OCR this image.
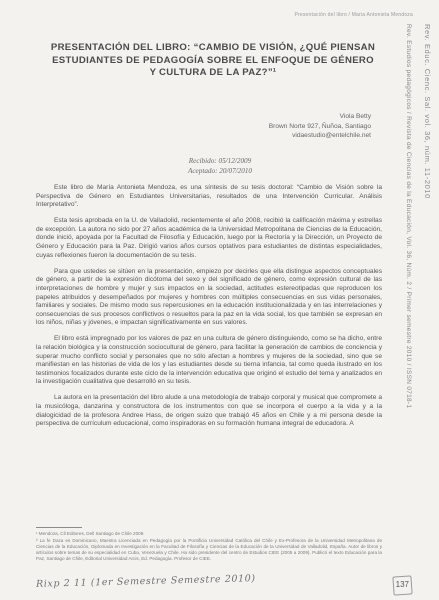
Presentación del libro / Maria Antonieta Mendoza
Rev. Estudios pedagógicos / Revista de Ciencias de la Educación, Vol. 36, Núm. 2 / Primer semestre 2010 / ISSN 0718-1 Rev. Educ. Cienc. Sal. vol. 36, núm. 11-2010
PRESENTACIÓN DEL LIBRO: “CAMBIO DE VISIÓN, ¿QUÉ PIENSAN ESTUDIANTES DE PEDAGOGÍA SOBRE EL ENFOQUE DE GÉNERO Y CULTURA DE LA PAZ?”¹
Viola Betty
Brown Norte 927, Ñuñoa, Santiago
vidaestudio@entelchile.net
Recibido: 05/12/2009
Aceptado: 20/07/2010

Este libro de María Antonieta Mendoza, es una síntesis de su tesis doctoral: “Cambio de Visión sobre la Perspectiva de Género en Estudiantes Universitarias, resultados de una Intervención Curricular. Análisis Interpretativo”.

Esta tesis aprobada en la U. de Valladolid, recientemente el año 2008, recibió la calificación máxima y estrellas de excepción. La autora no sido por 27 años académica de la Universidad Metropolitana de Ciencias de la Educación, donde inició, apoyada por la Facultad de Filosofía y Educación, luego por la Rectoría y la Dirección, un Proyecto de Género y Educación para la Paz. Dirigió varios años cursos optativos para estudiantes de distintas especialidades, cuyas reflexiones fueron la documentación de su tesis.

Para que ustedes se sitúen en la presentación, empiezo por decirles que ella distingue aspectos conceptuales de género, a partir de la expresión dicótoma del sexo y del significado de género, como expresión cultural de las interpretaciones de hombre y mujer y sus impactos en la sociedad, actitudes estereotipadas que reproducen los papeles atribuidos y desempeñados por mujeres y hombres con múltiples consecuencias en sus vidas personales, familiares y sociales. De mismo modo sus repercusiones en la educación institucionalizada y en las interrelaciones y consecuencias de sus procesos conflictivos o resueltos para la paz en la vida social, los que también se expresan en los niños, niñas y jóvenes, e impactan significativamente en sus valores.

El libro está impregnado por los valores de paz en una cultura de género distinguiendo, como se ha dicho, entre la relación biológica y la construcción sociocultural de género, para facilitar la generación de cambios de conciencia y superar mucho conflicto social y personales que no sólo afectan a hombres y mujeres de la sociedad, sino que se manifiestan en las historias de vida de los y las estudiantes desde su tierna infancia, tal como queda ilustrado en los testimonios focalizados durante este ciclo de la intervención educativa que originó el estudio del tema y analizados en la investigación cualitativa que desarrolló en su tesis.

La autora en la presentación del libro alude a una metodología de trabajo corporal y musical que compromete a la musicóloga, danzarina y constructora de los instrumentos con que se incorpora el cuerpo a la vida y a la dialogicidad de la profesora Andree Hass, de origen suizo que trabajó 45 años en Chile y a mi persona desde la perspectiva de currículum educacional, como inspiradoras en su formación humana integral de educadora. A

¹ Mendoza, Cll Editores, Dell Santiago de Chile 2009.
² La fe Daza es Dominicano, Maestra Licenciada en Pedagogía por la Pontificia Universidad Católica del Chile y Ex-Profesora de la Universidad Metropolitana de Ciencias de la Educación, Diplomada en Investigación en la Facultad de Filosofía y Ciencias de la Educación de la Universidad de Valladolid, España. Autor de libros y artículos sobre temas de su especialidad en Cuba, Venezuela y Chile. Ha sido presidente del centro de Estudios CIEE (2005 a 2009). Publicó el texto Educación para la Paz, Santiago de Chile, Editorial Universidad Arcis, Ed. Pedagogía. Profesor de CIEE.
Rixp 2 11 (1er Semestre Semestre 2010)	137
